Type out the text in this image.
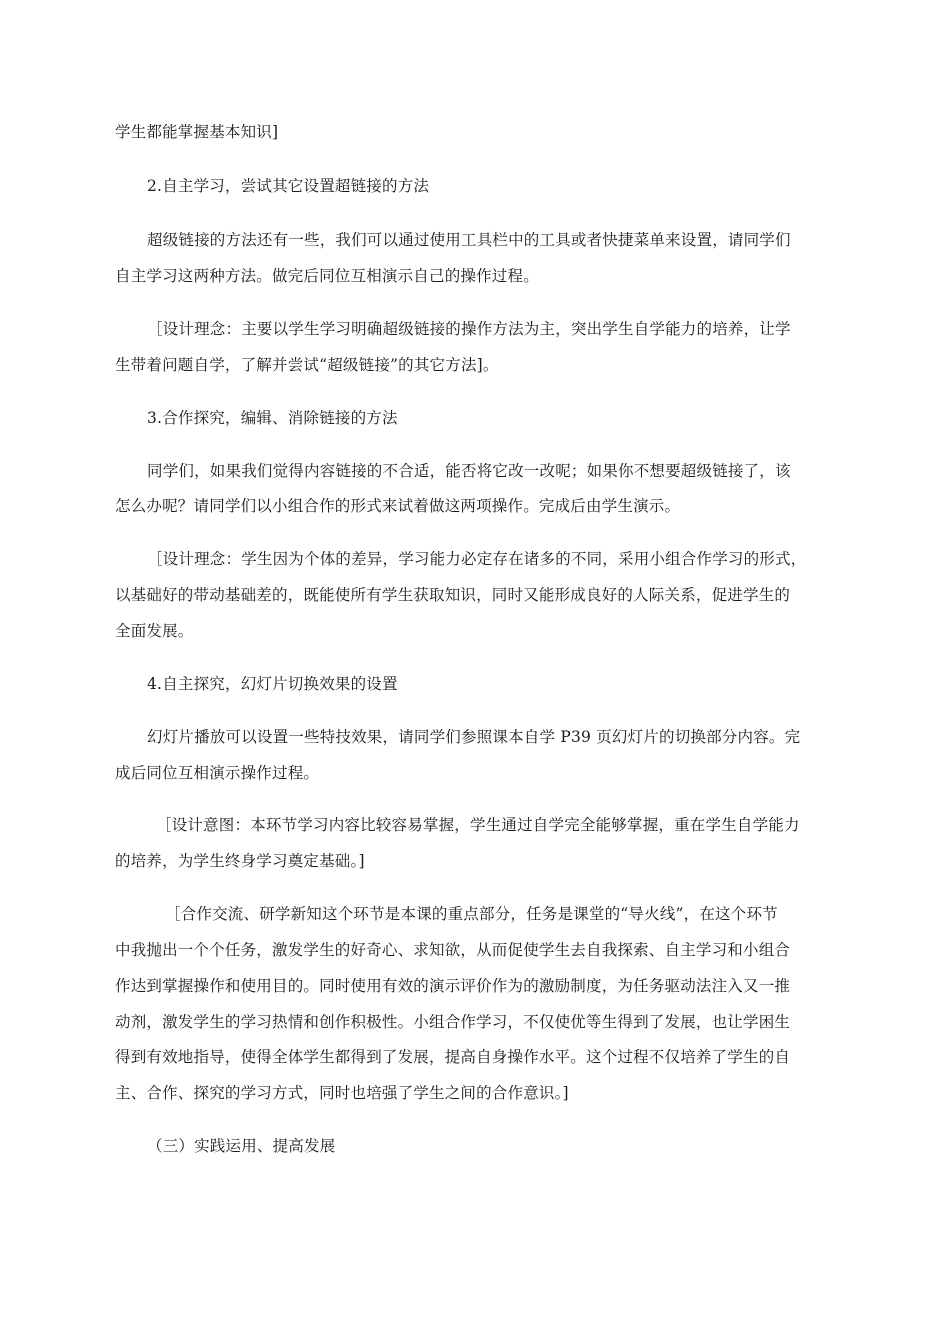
学生都能掌握基本知识]
2.自主学习，尝试其它设置超链接的方法
超级链接的方法还有一些，我们可以通过使用工具栏中的工具或者快捷菜单来设置，请同学们
自主学习这两种方法。做完后同位互相演示自己的操作过程。
［设计理念：主要以学生学习明确超级链接的操作方法为主，突出学生自学能力的培养，让学
生带着问题自学，了解并尝试“超级链接”的其它方法]。
3.合作探究，编辑、消除链接的方法
同学们，如果我们觉得内容链接的不合适，能否将它改一改呢；如果你不想要超级链接了，该
怎么办呢？请同学们以小组合作的形式来试着做这两项操作。完成后由学生演示。
［设计理念：学生因为个体的差异，学习能力必定存在诸多的不同，采用小组合作学习的形式，
以基础好的带动基础差的，既能使所有学生获取知识，同时又能形成良好的人际关系，促进学生的
全面发展。
4.自主探究，幻灯片切换效果的设置
幻灯片播放可以设置一些特技效果，请同学们参照课本自学 P39 页幻灯片的切换部分内容。完
成后同位互相演示操作过程。
［设计意图：本环节学习内容比较容易掌握，学生通过自学完全能够掌握，重在学生自学能力
的培养，为学生终身学习奠定基础。]
［合作交流、研学新知这个环节是本课的重点部分，任务是课堂的“导火线”，在这个环节
中我抛出一个个任务，激发学生的好奇心、求知欲，从而促使学生去自我探索、自主学习和小组合
作达到掌握操作和使用目的。同时使用有效的演示评价作为的激励制度，为任务驱动法注入又一推
动剂，激发学生的学习热情和创作积极性。小组合作学习，不仅使优等生得到了发展，也让学困生
得到有效地指导，使得全体学生都得到了发展，提高自身操作水平。这个过程不仅培养了学生的自
主、合作、探究的学习方式，同时也培强了学生之间的合作意识。]
（三）实践运用、提高发展
